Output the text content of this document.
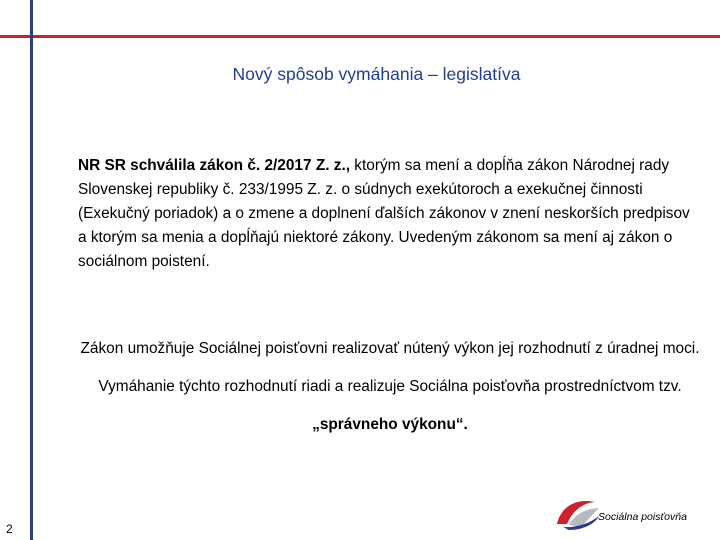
Nový spôsob vymáhania – legislatíva
NR SR schválila zákon č. 2/2017 Z. z., ktorým sa mení a dopĺňa zákon Národnej rady Slovenskej republiky č. 233/1995 Z. z. o súdnych exekútoroch a exekučnej činnosti (Exekučný poriadok) a o zmene a doplnení ďalších zákonov v znení neskorších predpisov a ktorým sa menia a dopĺňajú niektoré zákony. Uvedeným zákonom sa mení aj zákon o sociálnom poistení.
Zákon umožňuje Sociálnej poisťovni realizovať nútený výkon jej rozhodnutí z úradnej moci. Vymáhanie týchto rozhodnutí riadi a realizuje Sociálna poisťovňa prostredníctvom tzv. „správneho výkonu“.
2
Sociálna poisťovňa
